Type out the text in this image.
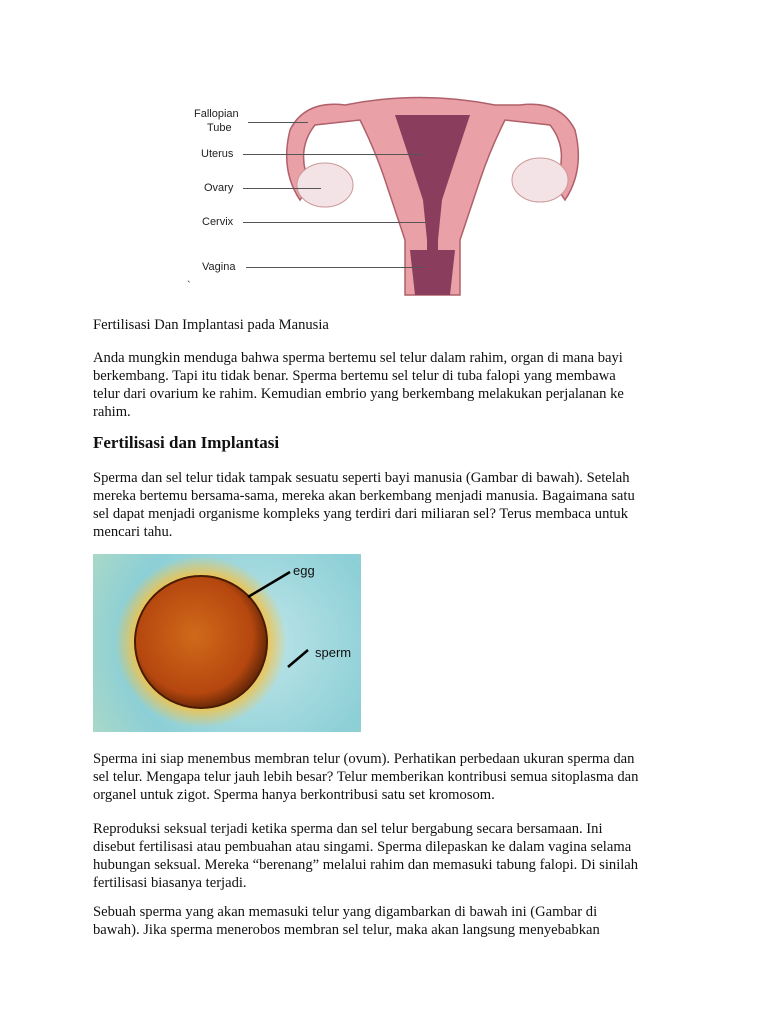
Fallopian
Tube
Uterus
Ovary
Cervix
Vagina
`
Fertilisasi Dan Implantasi pada Manusia
Anda mungkin menduga bahwa sperma bertemu sel telur dalam rahim, organ di mana bayi
berkembang. Tapi itu tidak benar. Sperma bertemu sel telur di tuba falopi yang membawa
telur dari ovarium ke rahim. Kemudian embrio yang berkembang melakukan perjalanan ke
rahim.
Fertilisasi dan Implantasi
Sperma dan sel telur tidak tampak sesuatu seperti bayi manusia (Gambar di bawah). Setelah
mereka bertemu bersama-sama, mereka akan berkembang menjadi manusia. Bagaimana satu
sel dapat menjadi organisme kompleks yang terdiri dari miliaran sel? Terus membaca untuk
mencari tahu.
egg
sperm
Sperma ini siap menembus membran telur (ovum). Perhatikan perbedaan ukuran sperma dan
sel telur. Mengapa telur jauh lebih besar? Telur memberikan kontribusi semua sitoplasma dan
organel untuk zigot. Sperma hanya berkontribusi satu set kromosom.
Reproduksi seksual terjadi ketika sperma dan sel telur bergabung secara bersamaan. Ini
disebut fertilisasi atau pembuahan atau singami. Sperma dilepaskan ke dalam vagina selama
hubungan seksual. Mereka “berenang” melalui rahim dan memasuki tabung falopi. Di sinilah
fertilisasi biasanya terjadi.
Sebuah sperma yang akan memasuki telur yang digambarkan di bawah ini (Gambar di
bawah). Jika sperma menerobos membran sel telur, maka akan langsung menyebabkan
